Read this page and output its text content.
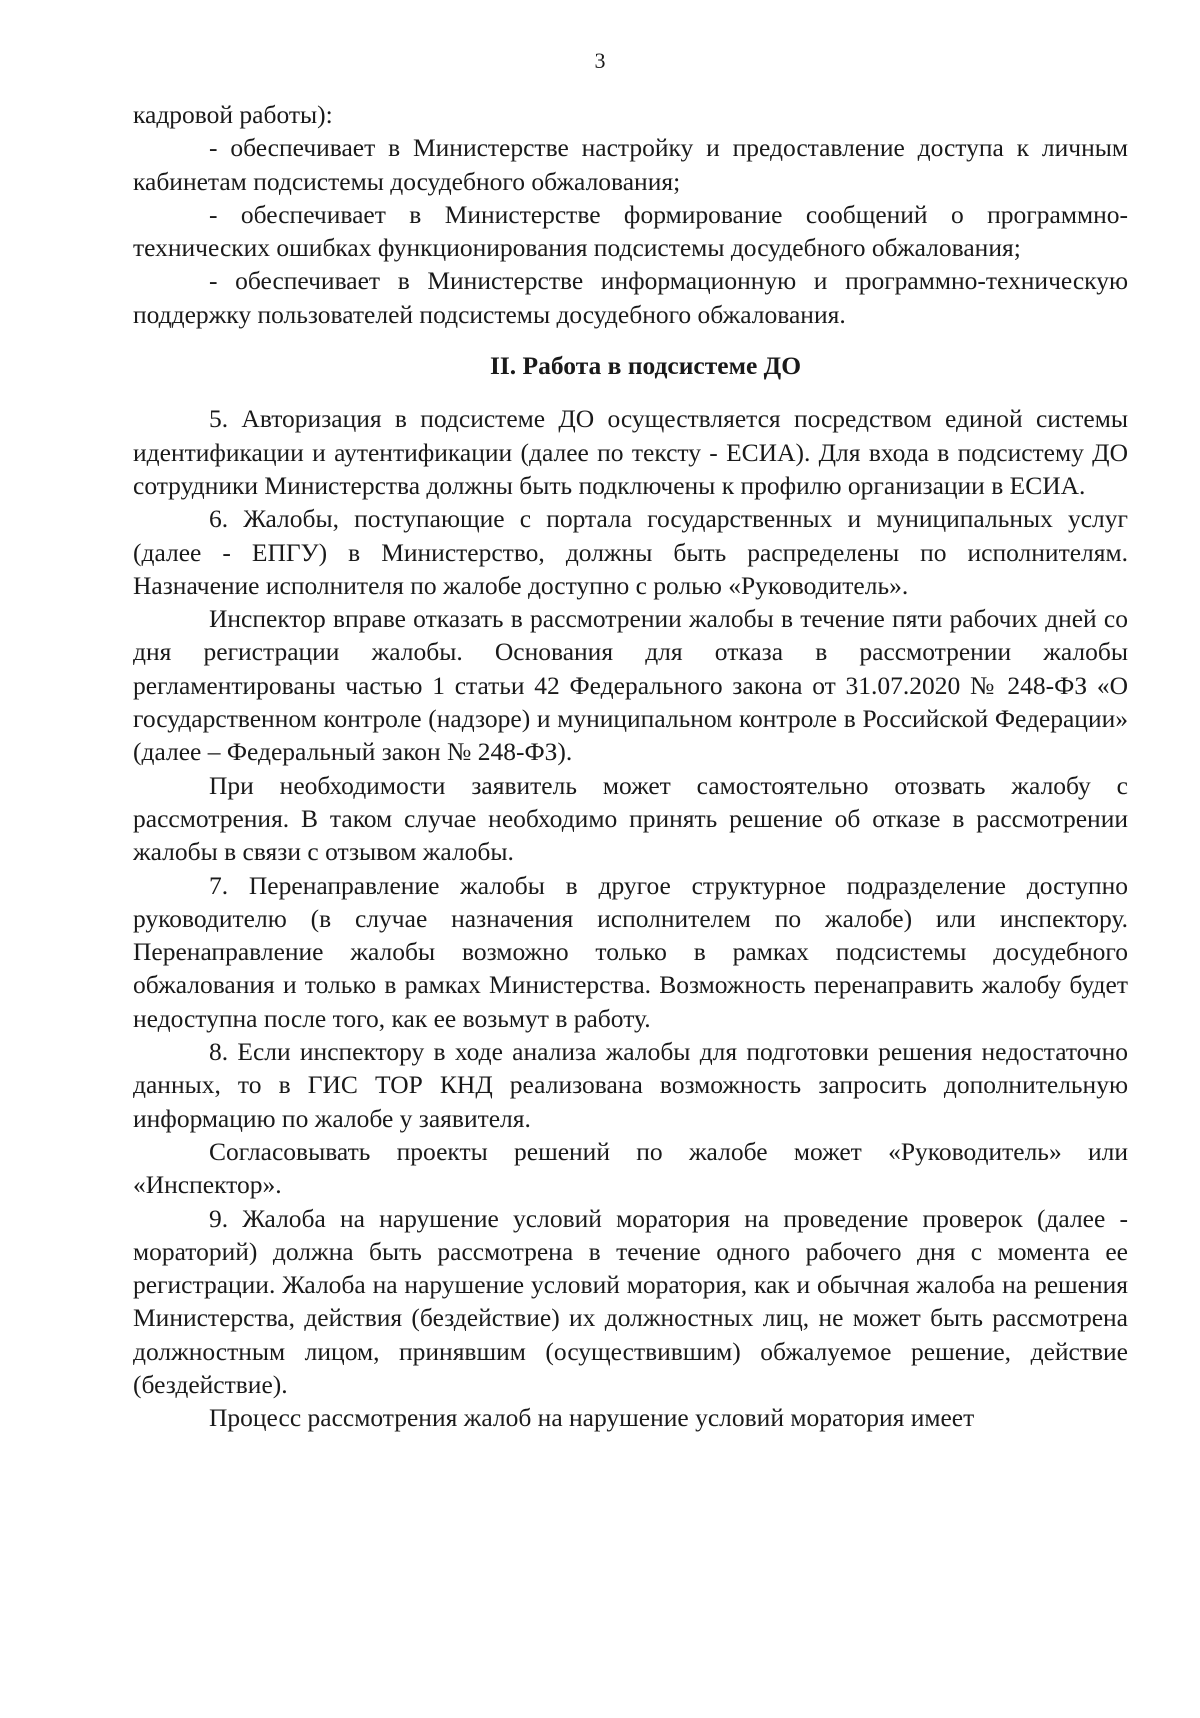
3

кадровой работы):

- обеспечивает в Министерстве настройку и предоставление доступа к личным кабинетам подсистемы досудебного обжалования;

- обеспечивает в Министерстве формирование сообщений о программно-технических ошибках функционирования подсистемы досудебного обжалования;

- обеспечивает в Министерстве информационную и программно-техническую поддержку пользователей подсистемы досудебного обжалования.

II. Работа в подсистеме ДО

5. Авторизация в подсистеме ДО осуществляется посредством единой системы идентификации и аутентификации (далее по тексту - ЕСИА). Для входа в подсистему ДО сотрудники Министерства должны быть подключены к профилю организации в ЕСИА.

6. Жалобы, поступающие с портала государственных и муниципальных услуг (далее - ЕПГУ) в Министерство, должны быть распределены по исполнителям. Назначение исполнителя по жалобе доступно с ролью «Руководитель».

Инспектор вправе отказать в рассмотрении жалобы в течение пяти рабочих дней со дня регистрации жалобы. Основания для отказа в рассмотрении жалобы регламентированы частью 1 статьи 42 Федерального закона от 31.07.2020 № 248-ФЗ «О государственном контроле (надзоре) и муниципальном контроле в Российской Федерации» (далее – Федеральный закон № 248-ФЗ).

При необходимости заявитель может самостоятельно отозвать жалобу с рассмотрения. В таком случае необходимо принять решение об отказе в рассмотрении жалобы в связи с отзывом жалобы.

7. Перенаправление жалобы в другое структурное подразделение доступно руководителю (в случае назначения исполнителем по жалобе) или инспектору. Перенаправление жалобы возможно только в рамках подсистемы досудебного обжалования и только в рамках Министерства. Возможность перенаправить жалобу будет недоступна после того, как ее возьмут в работу.

8. Если инспектору в ходе анализа жалобы для подготовки решения недостаточно данных, то в ГИС ТОР КНД реализована возможность запросить дополнительную информацию по жалобе у заявителя.

Согласовывать проекты решений по жалобе может «Руководитель» или «Инспектор».

9. Жалоба на нарушение условий моратория на проведение проверок (далее - мораторий) должна быть рассмотрена в течение одного рабочего дня с момента ее регистрации. Жалоба на нарушение условий моратория, как и обычная жалоба на решения Министерства, действия (бездействие) их должностных лиц, не может быть рассмотрена должностным лицом, принявшим (осуществившим) обжалуемое решение, действие (бездействие).

Процесс рассмотрения жалоб на нарушение условий моратория имеет
